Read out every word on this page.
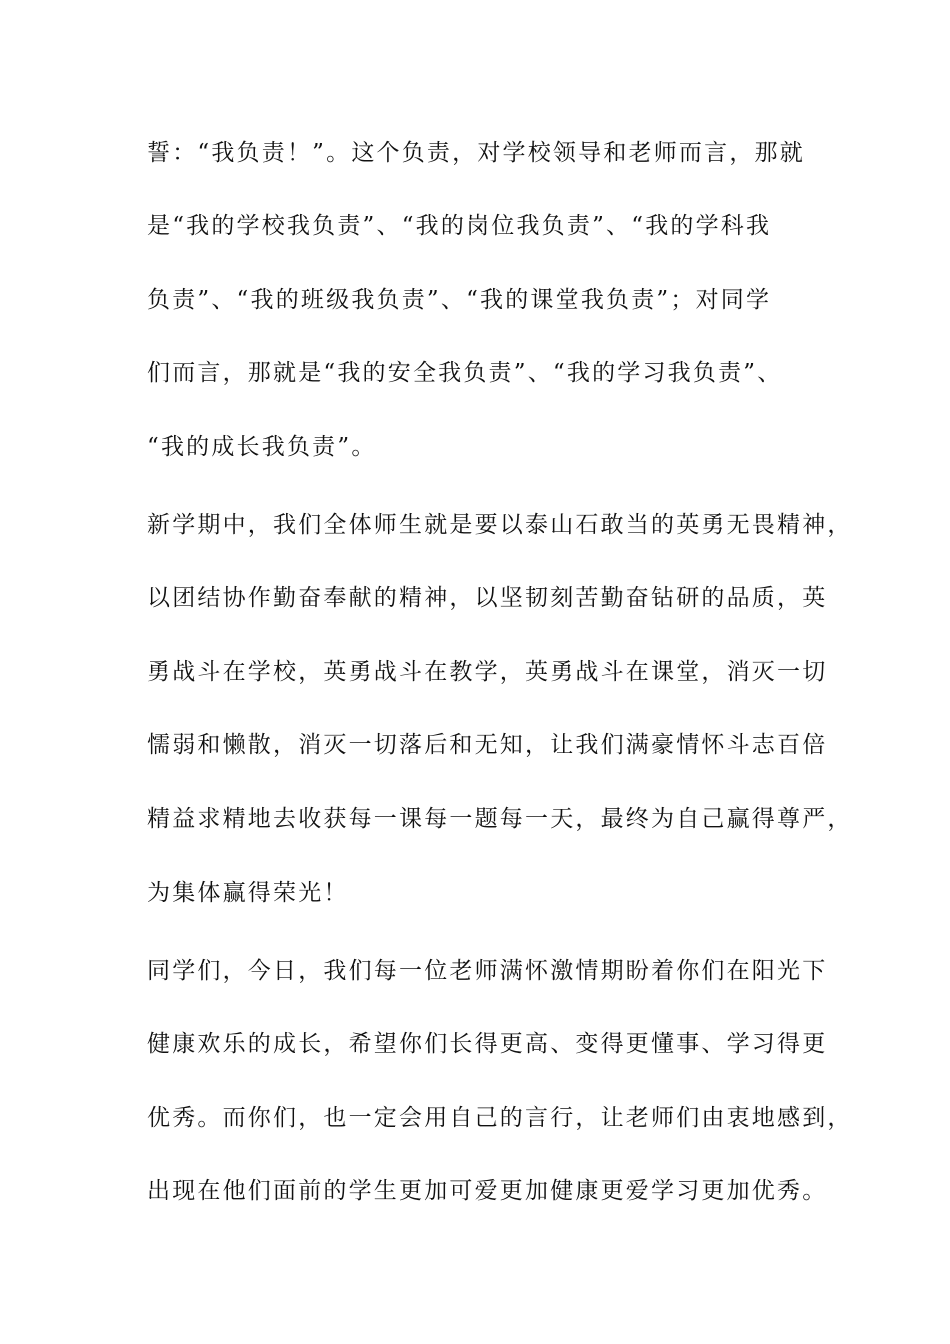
誓：“我负责！”。这个负责，对学校领导和老师而言，那就
是“我的学校我负责”、“我的岗位我负责”、“我的学科我
负责”、“我的班级我负责”、“我的课堂我负责”；对同学
们而言，那就是“我的安全我负责”、“我的学习我负责”、
“我的成长我负责”。
新学期中，我们全体师生就是要以泰山石敢当的英勇无畏精神，
以团结协作勤奋奉献的精神，以坚韧刻苦勤奋钻研的品质，英
勇战斗在学校，英勇战斗在教学，英勇战斗在课堂，消灭一切
懦弱和懒散，消灭一切落后和无知，让我们满豪情怀斗志百倍
精益求精地去收获每一课每一题每一天，最终为自己赢得尊严，
为集体赢得荣光！
同学们，今日，我们每一位老师满怀激情期盼着你们在阳光下
健康欢乐的成长，希望你们长得更高、变得更懂事、学习得更
优秀。而你们，也一定会用自己的言行，让老师们由衷地感到，
出现在他们面前的学生更加可爱更加健康更爱学习更加优秀。
